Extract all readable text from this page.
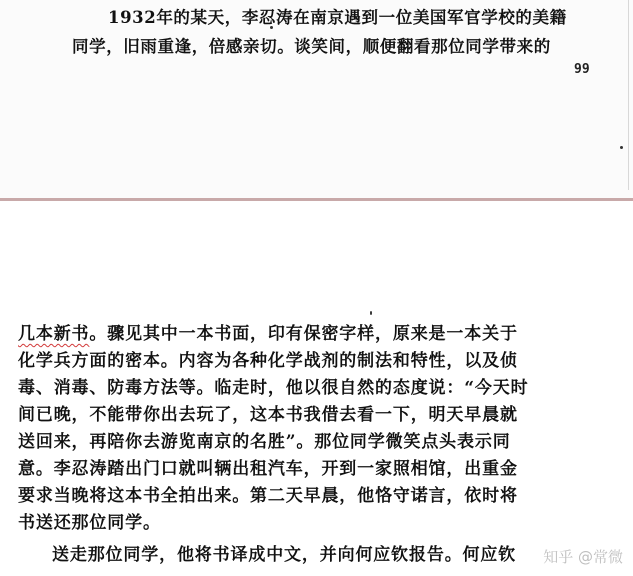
1932年的某天，李忍涛在南京遇到一位美国军官学校的美籍
同学，旧雨重逢，倍感亲切。谈笑间，顺便翻看那位同学带来的
99
几本新书。骤见其中一本书面，印有保密字样，原来是一本关于
化学兵方面的密本。内容为各种化学战剂的制法和特性，以及侦
毒、消毒、防毒方法等。临走时，他以很自然的态度说：“今天时
间已晚，不能带你出去玩了，这本书我借去看一下，明天早晨就
送回来，再陪你去游览南京的名胜”。那位同学微笑点头表示同
意。李忍涛踏出门口就叫辆出租汽车，开到一家照相馆，出重金
要求当晚将这本书全拍出来。第二天早晨，他恪守诺言，依时将
书送还那位同学。
送走那位同学，他将书译成中文，并向何应钦报告。何应钦 知乎 @常微
